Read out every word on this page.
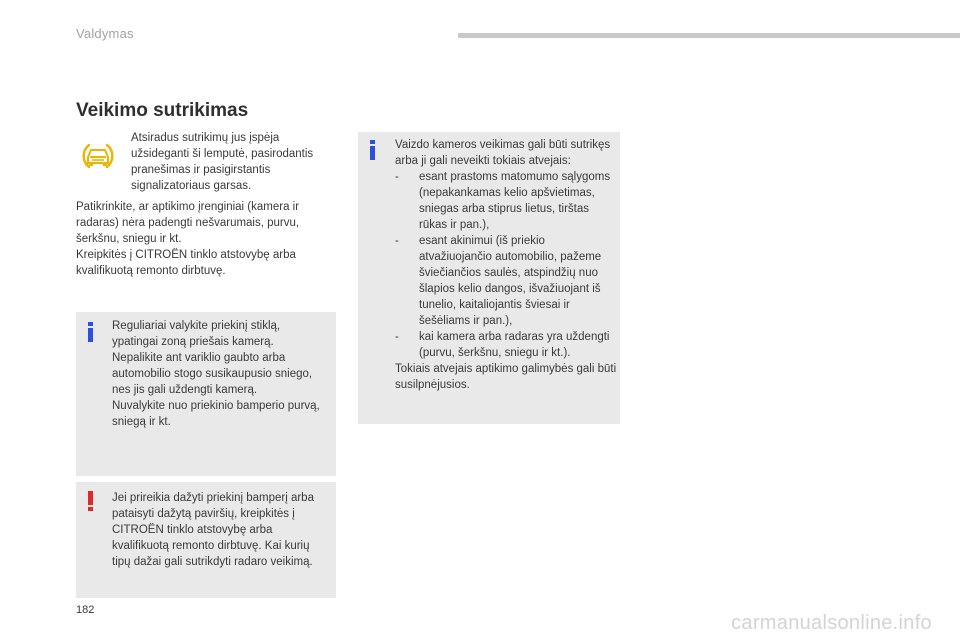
Valdymas
Veikimo sutrikimas
Atsiradus sutrikimų jus įspėja užsideganti ši lemputė, pasirodantis pranešimas ir pasigirstantis signalizatoriaus garsas.

Patikrinkite, ar aptikimo įrenginiai (kamera ir radaras) nėra padengti nešvarumais, purvu, šerkšnu, sniegu ir kt.

Kreipkitės į CITROËN tinklo atstovybę arba kvalifikuotą remonto dirbtuvę.

Reguliariai valykite priekinį stiklą, ypatingai zoną priešais kamerą.

Nepalikite ant variklio gaubto arba automobilio stogo susikaupusio sniego, nes jis gali uždengti kamerą.

Nuvalykite nuo priekinio bamperio purvą, sniegą ir kt.

Jei prireikia dažyti priekinį bamperį arba pataisyti dažytą paviršių, kreipkitės į CITROËN tinklo atstovybę arba kvalifikuotą remonto dirbtuvę. Kai kurių tipų dažai gali sutrikdyti radaro veikimą.

Vaizdo kameros veikimas gali būti sutrikęs arba ji gali neveikti tokiais atvejais:

-	esant prastoms matomumo sąlygoms (nepakankamas kelio apšvietimas, sniegas arba stiprus lietus, tirštas rūkas ir pan.),
-	esant akinimui (iš priekio atvažiuojančio automobilio, pažeme šviečiančios saulės, atspindžių nuo šlapios kelio dangos, išvažiuojant iš tunelio, kaitaliojantis šviesai ir šešėliams ir pan.),
-	kai kamera arba radaras yra uždengti (purvu, šerkšnu, sniegu ir kt.).

Tokiais atvejais aptikimo galimybės gali būti susilpnėjusios.

182
carmanualsonline.info
